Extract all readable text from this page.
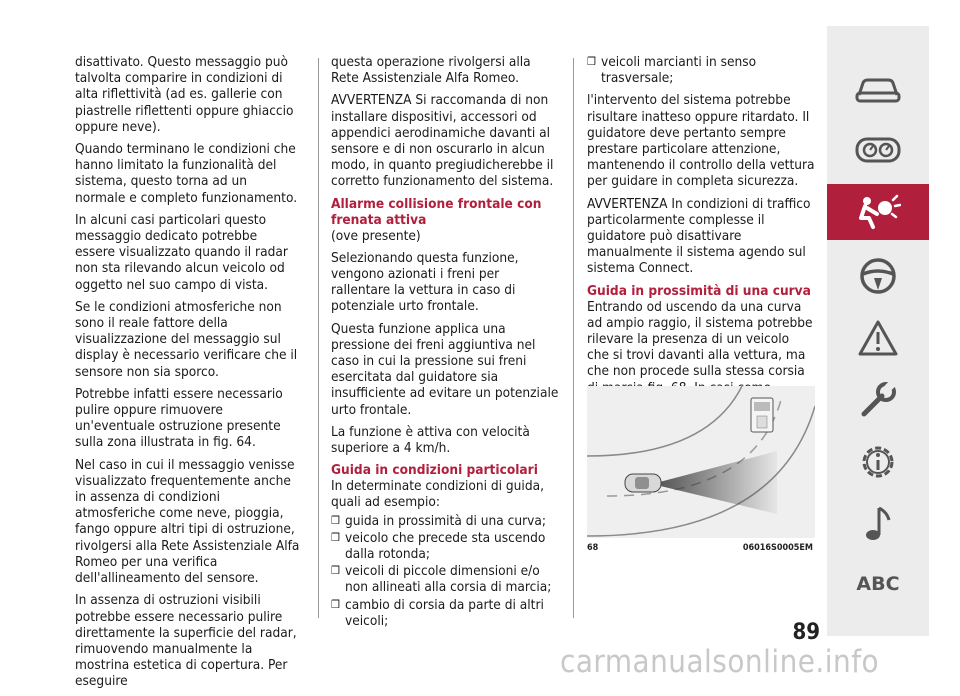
disattivato. Questo messaggio può talvolta comparire in condizioni di alta riflettività (ad es. gallerie con piastrelle riflettenti oppure ghiaccio oppure neve).

Quando terminano le condizioni che hanno limitato la funzionalità del sistema, questo torna ad un normale e completo funzionamento.

In alcuni casi particolari questo messaggio dedicato potrebbe essere visualizzato quando il radar non sta rilevando alcun veicolo od oggetto nel suo campo di vista.

Se le condizioni atmosferiche non sono il reale fattore della visualizzazione del messaggio sul display è necessario verificare che il sensore non sia sporco.

Potrebbe infatti essere necessario pulire oppure rimuovere un'eventuale ostruzione presente sulla zona illustrata in fig. 64.

Nel caso in cui il messaggio venisse visualizzato frequentemente anche in assenza di condizioni atmosferiche come neve, pioggia, fango oppure altri tipi di ostruzione, rivolgersi alla Rete Assistenziale Alfa Romeo per una verifica dell'allineamento del sensore.

In assenza di ostruzioni visibili potrebbe essere necessario pulire direttamente la superficie del radar, rimuovendo manualmente la mostrina estetica di copertura. Per eseguire

questa operazione rivolgersi alla Rete Assistenziale Alfa Romeo.

AVVERTENZA Si raccomanda di non installare dispositivi, accessori od appendici aerodinamiche davanti al sensore e di non oscurarlo in alcun modo, in quanto pregiudicherebbe il corretto funzionamento del sistema.

Allarme collisione frontale con frenata attiva

(ove presente)

Selezionando questa funzione, vengono azionati i freni per rallentare la vettura in caso di potenziale urto frontale.

Questa funzione applica una pressione dei freni aggiuntiva nel caso in cui la pressione sui freni esercitata dal guidatore sia insufficiente ad evitare un potenziale urto frontale.

La funzione è attiva con velocità superiore a 4 km/h.

Guida in condizioni particolari

In determinate condizioni di guida, quali ad esempio:

❒ guida in prossimità di una curva;
❒ veicolo che precede sta uscendo dalla rotonda;
❒ veicoli di piccole dimensioni e/o non allineati alla corsia di marcia;
❒ cambio di corsia da parte di altri veicoli;
❒ veicoli marcianti in senso trasversale;

l'intervento del sistema potrebbe risultare inatteso oppure ritardato. Il guidatore deve pertanto sempre prestare particolare attenzione, mantenendo il controllo della vettura per guidare in completa sicurezza.

AVVERTENZA In condizioni di traffico particolarmente complesse il guidatore può disattivare manualmente il sistema agendo sul sistema Connect.

Guida in prossimità di una curva

Entrando od uscendo da una curva ad ampio raggio, il sistema potrebbe rilevare la presenza di un veicolo che si trovi davanti alla vettura, ma che non procede sulla stessa corsia

68	06016S0005EM
ABC
89
carmanualsonline.info
